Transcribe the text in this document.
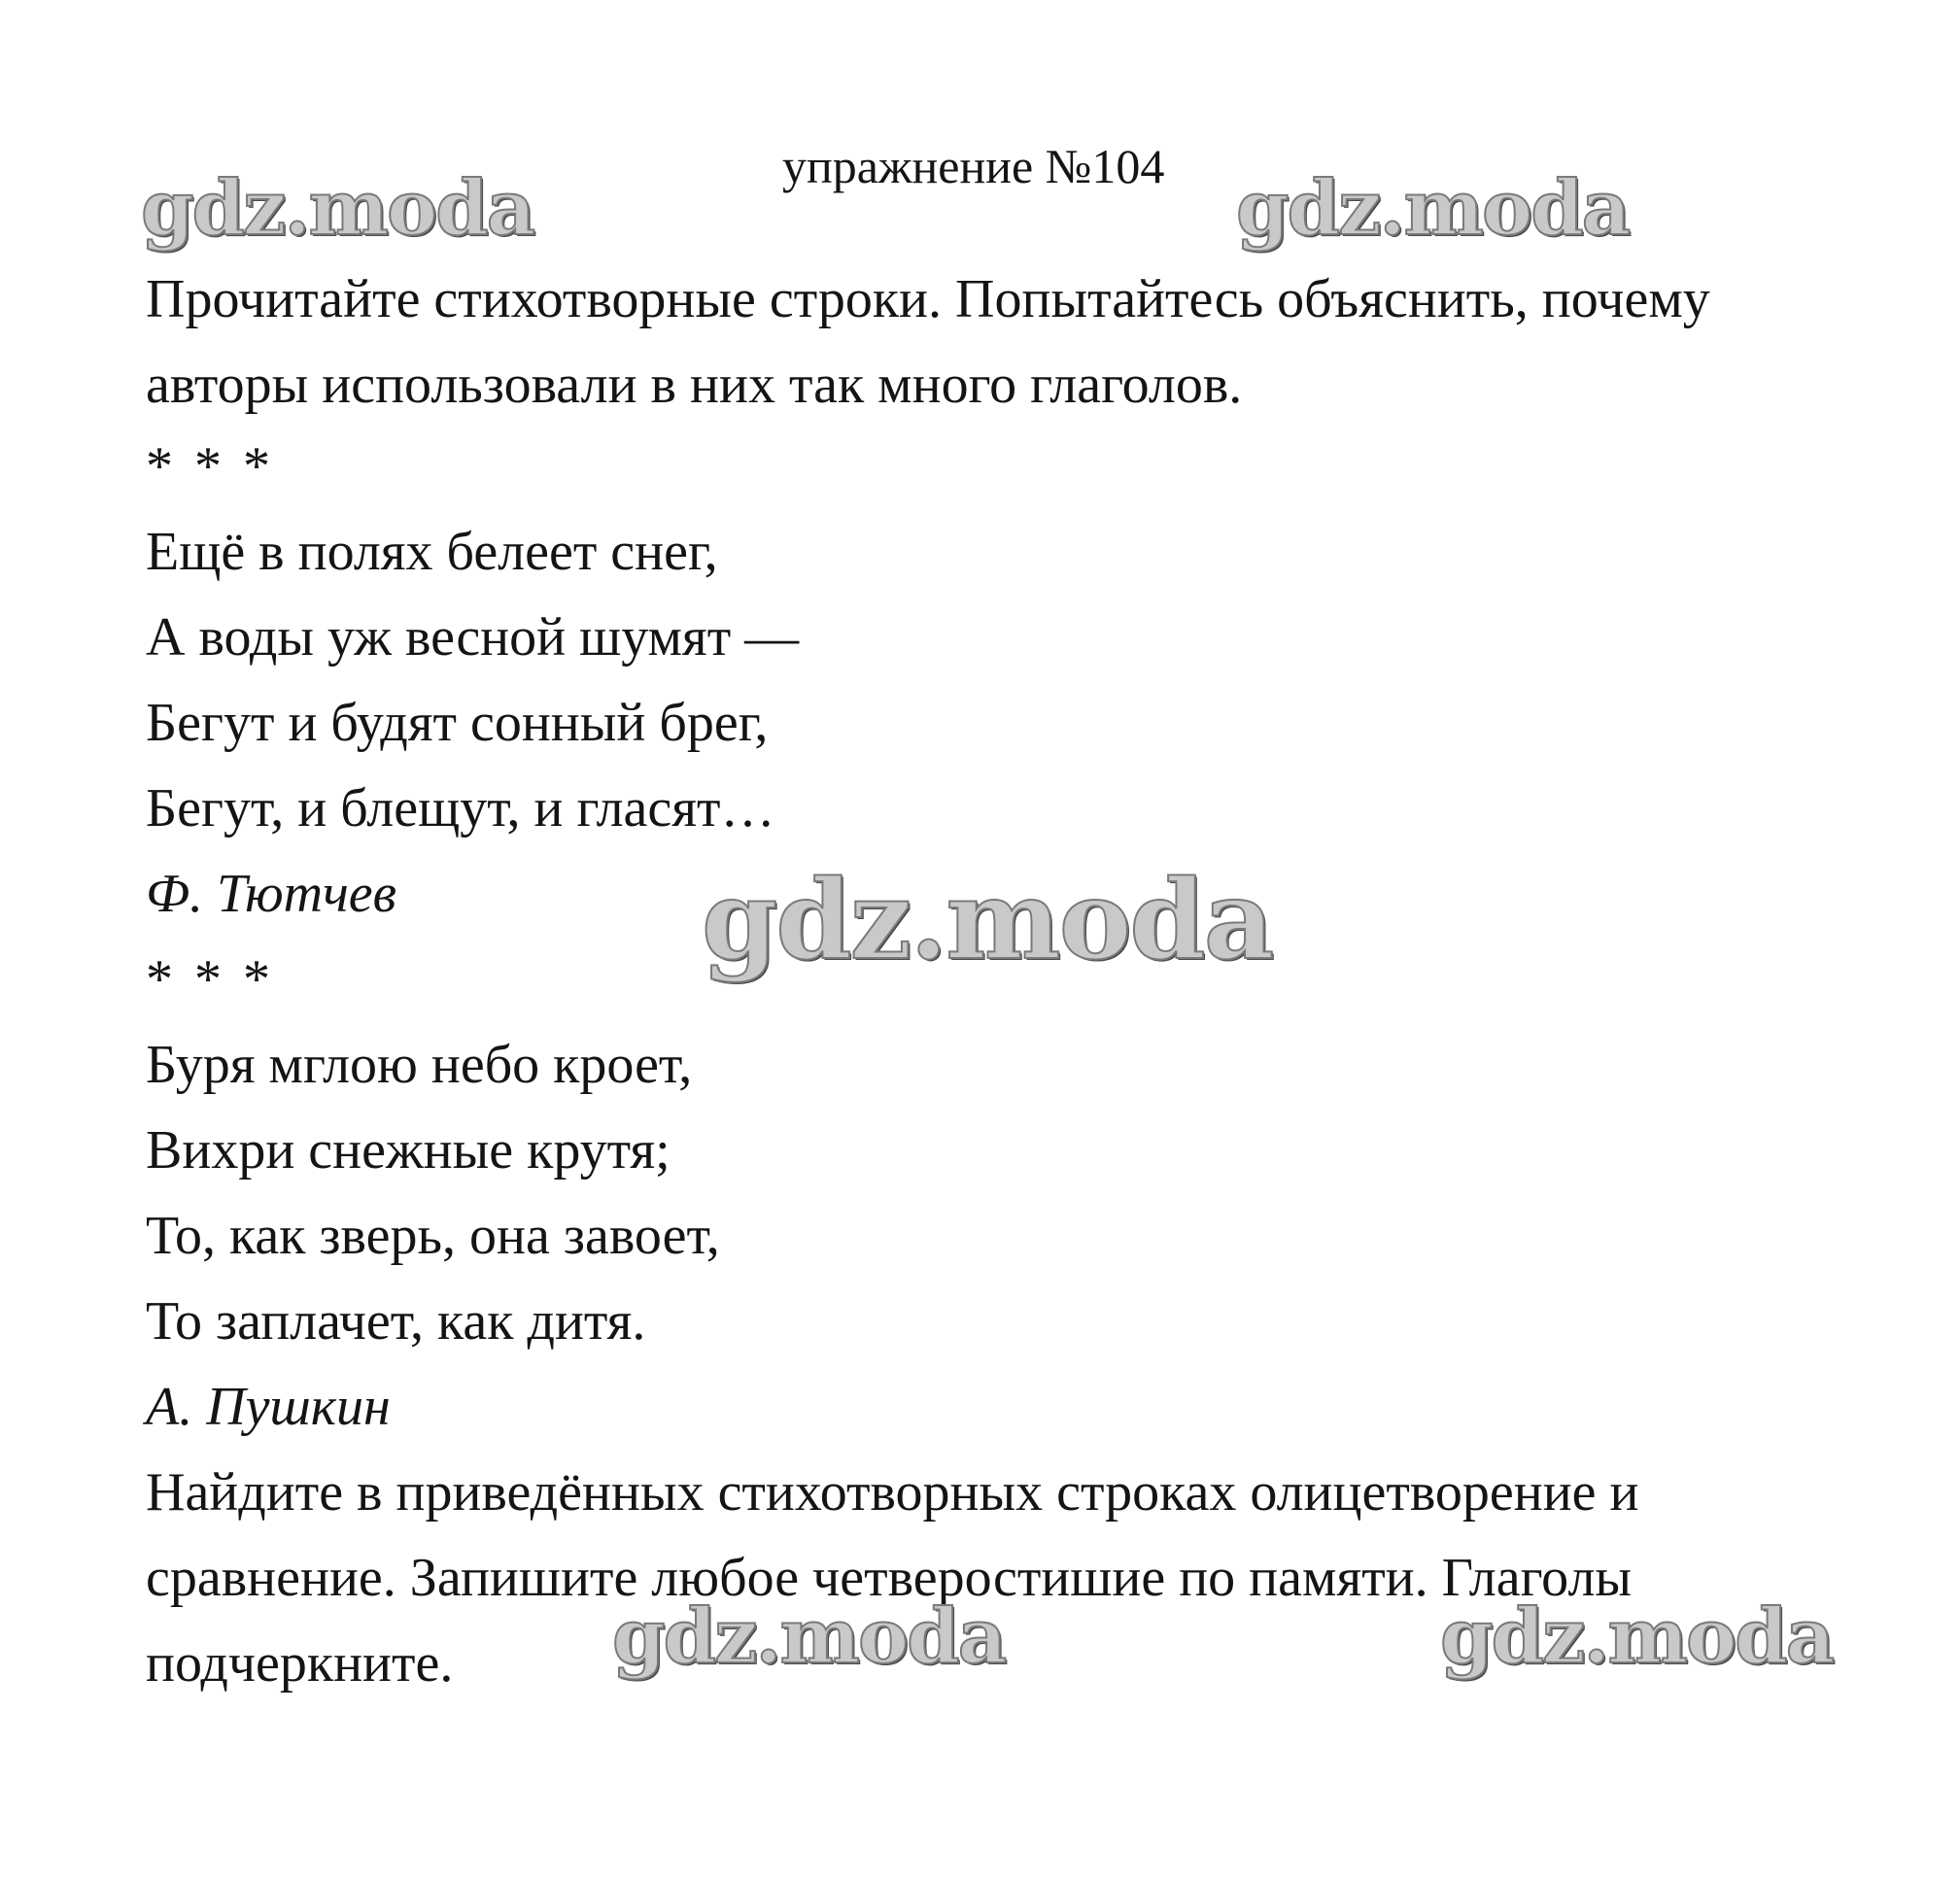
упражнение №104
Прочитайте стихотворные строки. Попытайтесь объяснить, почему
авторы использовали в них так много глаголов.
* * *
Ещё в полях белеет снег,
А воды уж весной шумят —
Бегут и будят сонный брег,
Бегут, и блещут, и гласят…
Ф. Тютчев
* * *
Буря мглою небо кроет,
Вихри снежные крутя;
То, как зверь, она завоет,
То заплачет, как дитя.
А. Пушкин
Найдите в приведённых стихотворных строках олицетворение и
сравнение. Запишите любое четверостишие по памяти. Глаголы
подчеркните.
gdz.moda	gdz.moda
gdz.moda
gdz.moda	gdz.moda
